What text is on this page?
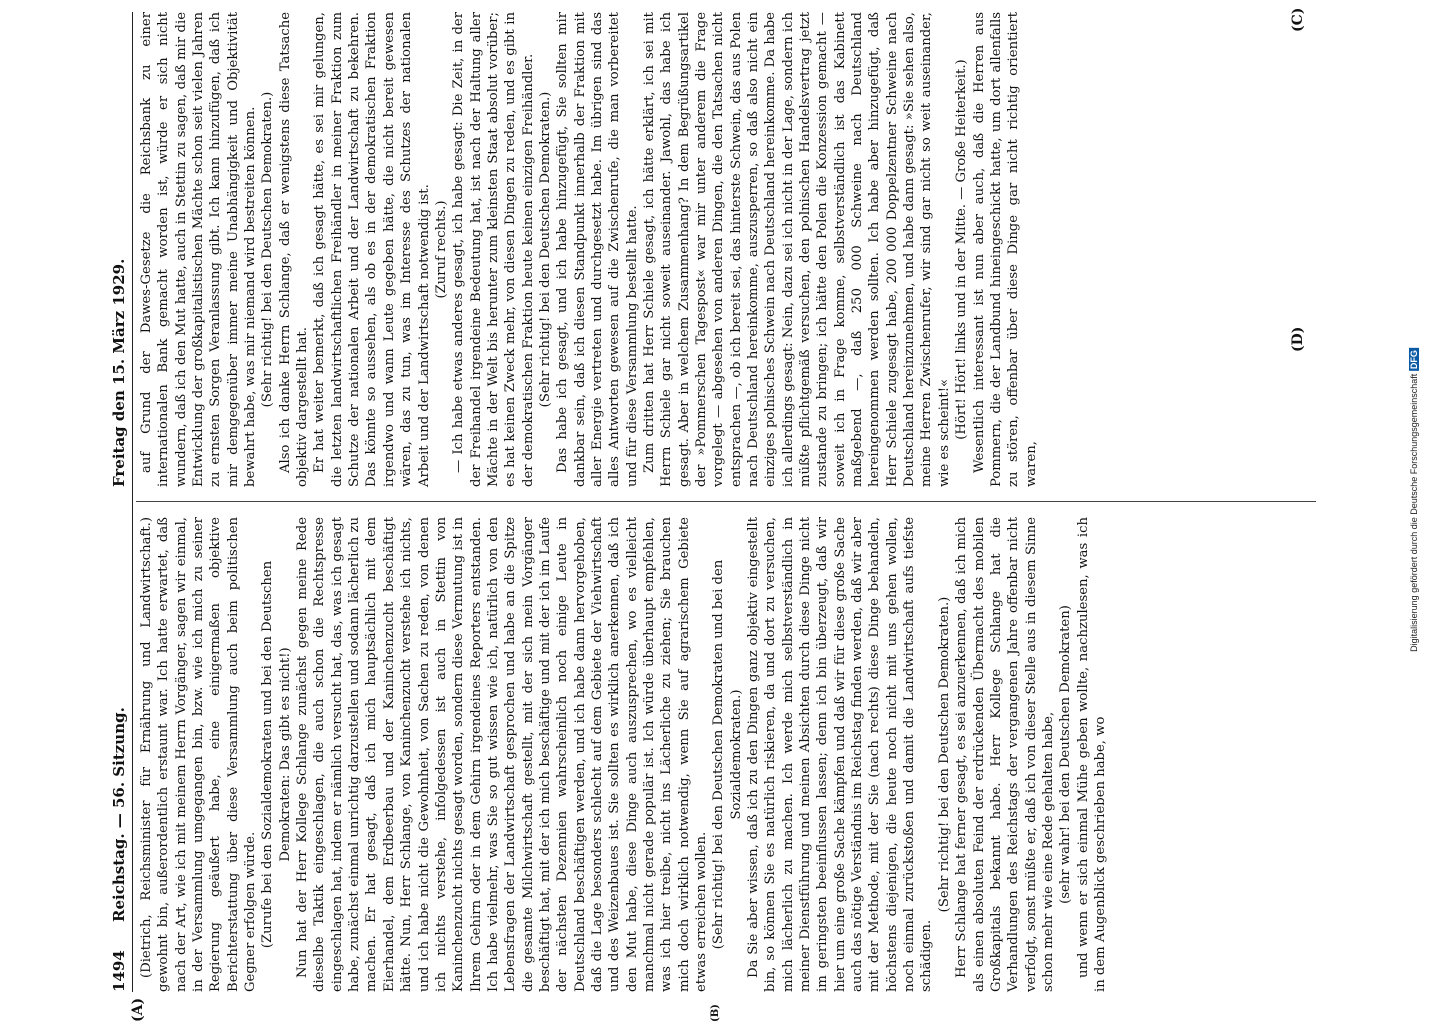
1494
Reichstag. — 56. Sitzung.
Freitag den 15. März 1929.

(Dietrich, Reichsminister für Ernährung und Landwirtschaft.) gewohnt bin, außerordentlich erstaunt war. Ich hatte erwartet, daß nach der Art, wie ich mit meinem Herrn Vorgänger, sagen wir einmal, in der Versammlung umgegangen bin, bzw. wie ich mich zu seiner Regierung geäußert habe, eine einigermaßen objektive Berichterstattung über diese Versammlung auch beim politischen Gegner erfolgen würde. (Zurufe bei den Sozialdemokraten und bei den Deutschen Demokraten: Das gibt es nicht!) Nun hat der Herr Kollege Schlange zunächst gegen meine Rede dieselbe Taktik eingeschlagen, die auch schon die Rechtspresse eingeschlagen hat, indem er nämlich versucht hat, das, was ich gesagt habe, zunächst einmal unrichtig darzustellen und sodann lächerlich zu machen. Er hat gesagt, daß ich mich hauptsächlich mit dem Eierhandel, dem Erdbeerbau und der Kaninchenzucht beschäftigt hätte. Nun, Herr Schlange, von Kaninchenzucht verstehe ich nichts, und ich habe nicht die Gewohnheit, von Sachen zu reden, von denen ich nichts verstehe, infolgedessen ist auch in Stettin von Kaninchenzucht nichts gesagt worden, sondern diese Vermutung ist in Ihrem Gehirn oder in dem Gehirn irgendeines Reporters entstanden. Ich habe vielmehr, was Sie so gut wissen wie ich, natürlich von den Lebensfragen der Landwirtschaft gesprochen und habe an die Spitze die gesamte Milchwirtschaft gestellt, mit der sich mein Vorgänger beschäftigt hat, mit der ich mich beschäftige und mit der ich im Laufe der nächsten Dezennien wahrscheinlich noch einige Leute in Deutschland beschäftigen werden, und ich habe dann hervorgehoben, daß die Lage besonders schlecht auf dem Gebiete der Viehwirtschaft und des Weizenbaues ist. Sie sollten es wirklich anerkennen, daß ich den Mut habe, diese Dinge auch auszusprechen, wo es vielleicht manchmal nicht gerade populär ist. Ich würde überhaupt empfehlen, was ich hier treibe, nicht ins Lächerliche zu ziehen; Sie brauchen mich doch wirklich notwendig, wenn Sie auf agrarischem Gebiete etwas erreichen wollen. (Sehr richtig! bei den Deutschen Demokraten und bei den Sozialdemokraten.) Da Sie aber wissen, daß ich zu den Dingen ganz objektiv eingestellt bin, so können Sie es natürlich riskieren, da und dort zu versuchen, mich lächerlich zu machen. Ich werde mich selbstverständlich in meiner Dienstführung und meinen Absichten durch diese Dinge nicht im geringsten beeinflussen lassen; denn ich bin überzeugt, daß wir hier um eine große Sache kämpfen und daß wir für diese große Sache auch das nötige Verständnis im Reichstag finden werden, daß wir aber mit der Methode, mit der Sie (nach rechts) diese Dinge behandeln, höchstens diejenigen, die heute noch nicht mit uns gehen wollen, noch einmal zurückstoßen und damit die Landwirtschaft aufs tiefste schädigen.

(Sehr richtig! bei den Deutschen Demokraten.) Herr Schlange hat ferner gesagt, es sei anzuerkennen, daß ich mich als einen absoluten Feind der erdrückenden Übermacht des mobilen Großkapitals bekannt habe. Herr Kollege Schlange hat die Verhandlungen des Reichstags der vergangenen Jahre offenbar nicht verfolgt, sonst müßte er, daß ich von dieser Stelle aus in diesem Sinne schon mehr wie eine Rede gehalten habe, (sehr wahr! bei den Deutschen Demokraten) und wenn er sich einmal Mühe geben wollte, nachzulesen, was ich in dem Augenblick geschrieben habe, wo

auf Grund der Dawes-Gesetze die Reichsbank zu einer internationalen Bank gemacht worden ist, würde er sich nicht wundern, daß ich den Mut hatte, auch in Stettin zu sagen, daß mir die Entwicklung der großkapitalistischen Mächte schon seit vielen Jahren zu ernsten Sorgen Veranlassung gibt. Ich kann hinzufügen, daß ich mir demgegenüber immer meine Unabhängigkeit und Objektivität bewahrt habe, was mir niemand wird bestreiten können. (Sehr richtig! bei den Deutschen Demokraten.) Also ich danke Herrn Schlange, daß er wenigstens diese Tatsache objektiv dargestellt hat. Er hat weiter bemerkt, daß ich gesagt hätte, es sei mir gelungen, die letzten landwirtschaftlichen Freihändler in meiner Fraktion zum Schutze der nationalen Arbeit und der Landwirtschaft zu bekehren. Das könnte so aussehen, als ob es in der demokratischen Fraktion irgendwo und wann Leute gegeben hätte, die nicht bereit gewesen wären, das zu tun, was im Interesse des Schutzes der nationalen Arbeit und der Landwirtschaft notwendig ist. (Zuruf rechts.) — Ich habe etwas anderes gesagt, ich habe gesagt: Die Zeit, in der der Freihandel irgendeine Bedeutung hat, ist nach der Haltung aller Mächte in der Welt bis herunter zum kleinsten Staat absolut vorüber; es hat keinen Zweck mehr, von diesen Dingen zu reden, und es gibt in der demokratischen Fraktion heute keinen einzigen Freihändler. (Sehr richtig! bei den Deutschen Demokraten.) Das habe ich gesagt, und ich habe hinzugefügt, Sie sollten mir dankbar sein, daß ich diesen Standpunkt innerhalb der Fraktion mit aller Energie vertreten und durchgesetzt habe. Im übrigen sind das alles Antworten gewesen auf die Zwischenrufe, die man vorbereitet und für diese Versammlung bestellt hatte. Zum dritten hat Herr Schiele gesagt, ich hätte erklärt, ich sei mit Herrn Schiele gar nicht soweit auseinander. Jawohl, das habe ich gesagt. Aber in welchem Zusammenhang? In dem Begrüßungsartikel der »Pommerschen Tagespost« war mir unter anderem die Frage vorgelegt — abgesehen von anderen Dingen, die den Tatsachen nicht entsprachen —, ob ich bereit sei, das hinterste Schwein, das aus Polen nach Deutschland hereinkomme, auszusperren, so daß also nicht ein einziges polnisches Schwein nach Deutschland hereinkomme. Da habe ich allerdings gesagt: Nein, dazu sei ich nicht in der Lage, sondern ich müßte pflichtgemäß versuchen, den polnischen Handelsvertrag jetzt zustande zu bringen; ich hätte den Polen die Konzession gemacht — soweit ich in Frage komme, selbstverständlich ist das Kabinett maßgebend —, daß 250 000 Schweine nach Deutschland hereingenommen werden sollten. Ich habe aber hinzugefügt, daß Herr Schiele zugesagt habe, 200 000 Doppelzentner Schweine nach Deutschland hereinzunehmen, und habe dann gesagt: »Sie sehen also, meine Herren Zwischenrufer, wir sind gar nicht so weit auseinander, wie es scheint!« (Hört! Hört! links und in der Mitte. — Große Heiterkeit.) Wesentlich interessant ist nun aber auch, daß die Herren aus Pommern, die der Landbund hineingeschickt hatte, um dort allenfalls zu stören, offenbar über diese Dinge gar nicht richtig orientiert waren,

(A)	(B)
(C)
(D)
Digitalisierung gefördert durch die Deutsche Forschungsgemeinschaft DFG
